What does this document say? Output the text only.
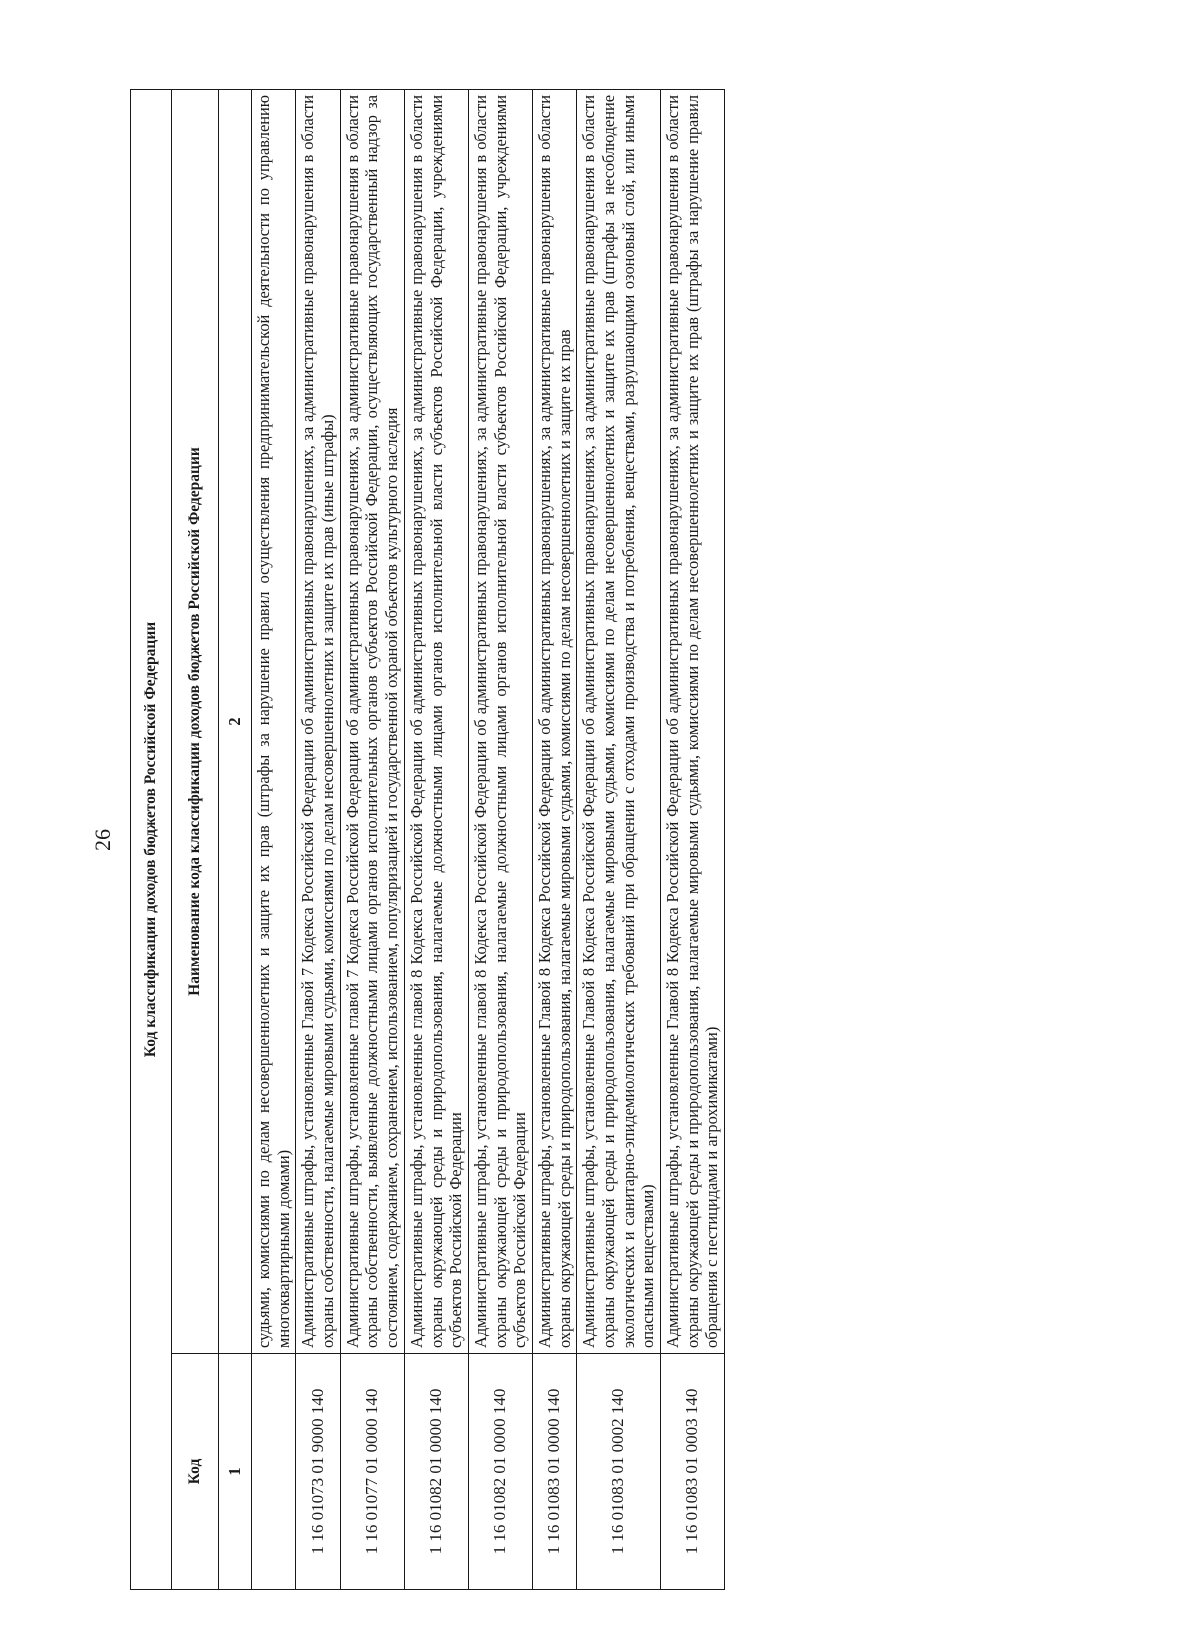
26 Код классификации доходов бюджетов Российской Федерации	
Код	Наименование кода классификации доходов бюджетов Российской Федерации
1	2
	судьями, комиссиями по делам несовершеннолетних и защите их прав (штрафы за нарушение правил осуществления предпринимательской деятельности по управлению многоквартирными домами)
1 16 01073 01 9000 140	Административные штрафы, установленные Главой 7 Кодекса Российской Федерации об административных правонарушениях, за административные правонарушения в области охраны собственности, налагаемые мировыми судьями, комиссиями по делам несовершеннолетних и защите их прав (иные штрафы)
1 16 01077 01 0000 140	Административные штрафы, установленные главой 7 Кодекса Российской Федерации об административных правонарушениях, за административные правонарушения в области охраны собственности, выявленные должностными лицами органов исполнительных органов субъектов Российской Федерации, осуществляющих государственный надзор за состоянием, содержанием, сохранением, использованием, популяризацией и государственной охраной объектов культурного наследия
1 16 01082 01 0000 140	Административные штрафы, установленные главой 8 Кодекса Российской Федерации об административных правонарушениях, за административные правонарушения в области охраны окружающей среды и природопользования, налагаемые должностными лицами органов исполнительной власти субъектов Российской Федерации, учреждениями субъектов Российской Федерации
1 16 01082 01 0000 140	Административные штрафы, установленные главой 8 Кодекса Российской Федерации об административных правонарушениях, за административные правонарушения в области охраны окружающей среды и природопользования, налагаемые должностными лицами органов исполнительной власти субъектов Российской Федерации, учреждениями субъектов Российской Федерации
1 16 01083 01 0000 140	Административные штрафы, установленные Главой 8 Кодекса Российской Федерации об административных правонарушениях, за административные правонарушения в области охраны окружающей среды и природопользования, налагаемые мировыми судьями, комиссиями по делам несовершеннолетних и защите их прав
1 16 01083 01 0002 140	Административные штрафы, установленные Главой 8 Кодекса Российской Федерации об административных правонарушениях, за административные правонарушения в области охраны окружающей среды и природопользования, налагаемые мировыми судьями, комиссиями по делам несовершеннолетних и защите их прав (штрафы за несоблюдение экологических и санитарно-эпидемиологических требований при обращении с отходами производства и потребления, веществами, разрушающими озоновый слой, или иными опасными веществами)
1 16 01083 01 0003 140	Административные штрафы, установленные Главой 8 Кодекса Российской Федерации об административных правонарушениях, за административные правонарушения в области охраны окружающей среды и природопользования, налагаемые мировыми судьями, комиссиями по делам несовершеннолетних и защите их прав (штрафы за нарушение правил обращения с пестицидами и агрохимикатами)
